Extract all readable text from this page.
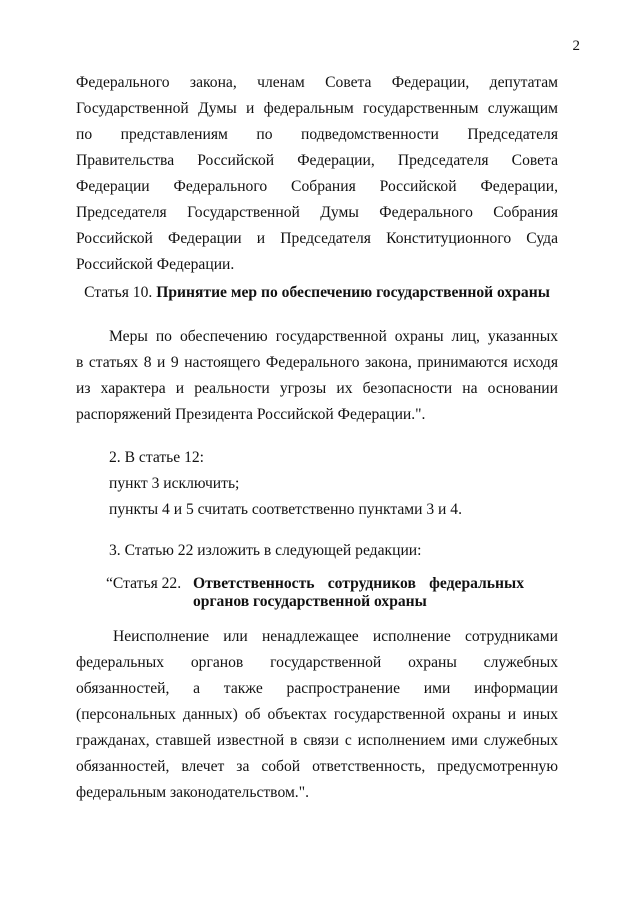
2
Федерального закона, членам Совета Федерации, депутатам
Государственной Думы и федеральным государственным служащим
по представлениям по подведомственности Председателя
Правительства Российской Федерации, Председателя Совета
Федерации Федерального Собрания Российской Федерации,
Председателя Государственной Думы Федерального Собрания
Российской Федерации и Председателя Конституционного Суда
Российской Федерации.
Статья 10. Принятие мер по обеспечению государственной охраны
Меры по обеспечению государственной охраны лиц, указанных
в статьях 8 и 9 настоящего Федерального закона, принимаются исходя
из характера и реальности угрозы их безопасности на основании
распоряжений Президента Российской Федерации.".
2. В статье 12:
пункт 3 исключить;
пункты 4 и 5 считать соответственно пунктами 3 и 4.
3. Статью 22 изложить в следующей редакции:
“Статья 22. Ответственность сотрудников федеральных
органов государственной охраны
Неисполнение или ненадлежащее исполнение сотрудниками
федеральных органов государственной охраны служебных
обязанностей, а также распространение ими информации
(персональных данных) об объектах государственной охраны и иных
гражданах, ставшей известной в связи с исполнением ими служебных
обязанностей, влечет за собой ответственность, предусмотренную
федеральным законодательством.".
